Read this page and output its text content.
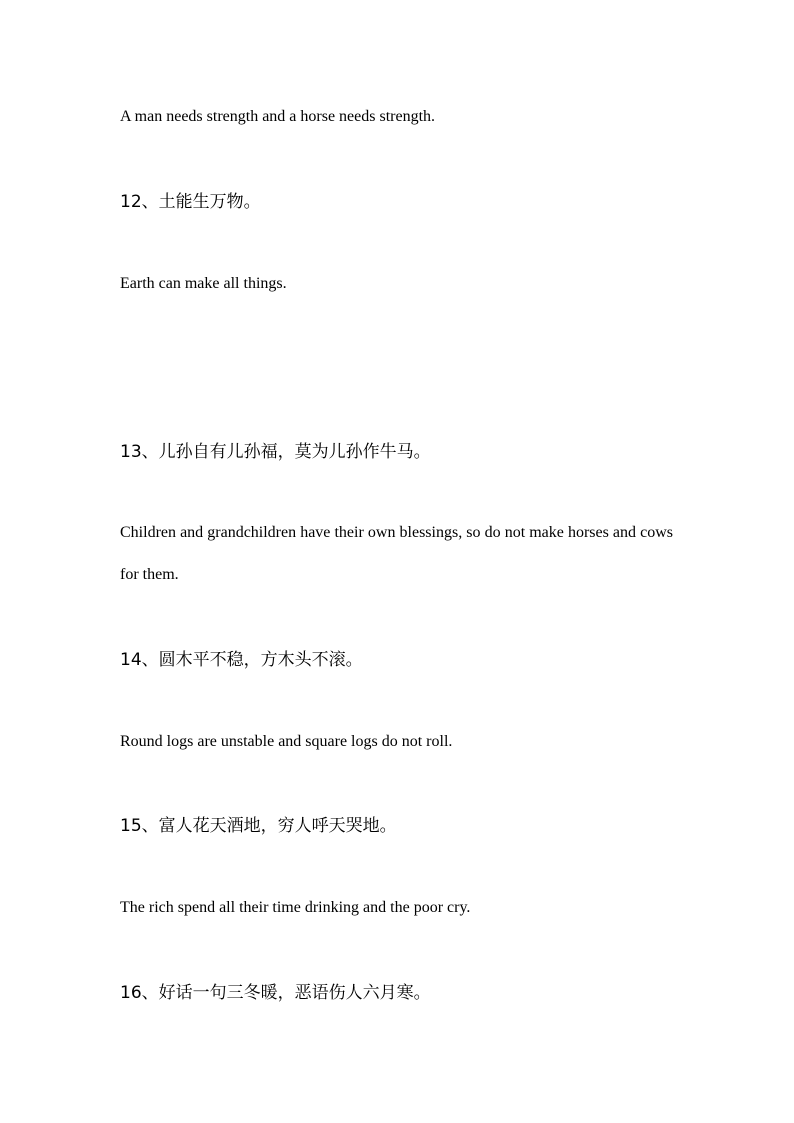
A man needs strength and a horse needs strength.
12、土能生万物。
Earth can make all things.
13、儿孙自有儿孙福，莫为儿孙作牛马。
Children and grandchildren have their own blessings, so do not make horses and cows for them.
14、圆木平不稳，方木头不滚。
Round logs are unstable and square logs do not roll.
15、富人花天酒地，穷人呼天哭地。
The rich spend all their time drinking and the poor cry.
16、好话一句三冬暖，恶语伤人六月寒。
